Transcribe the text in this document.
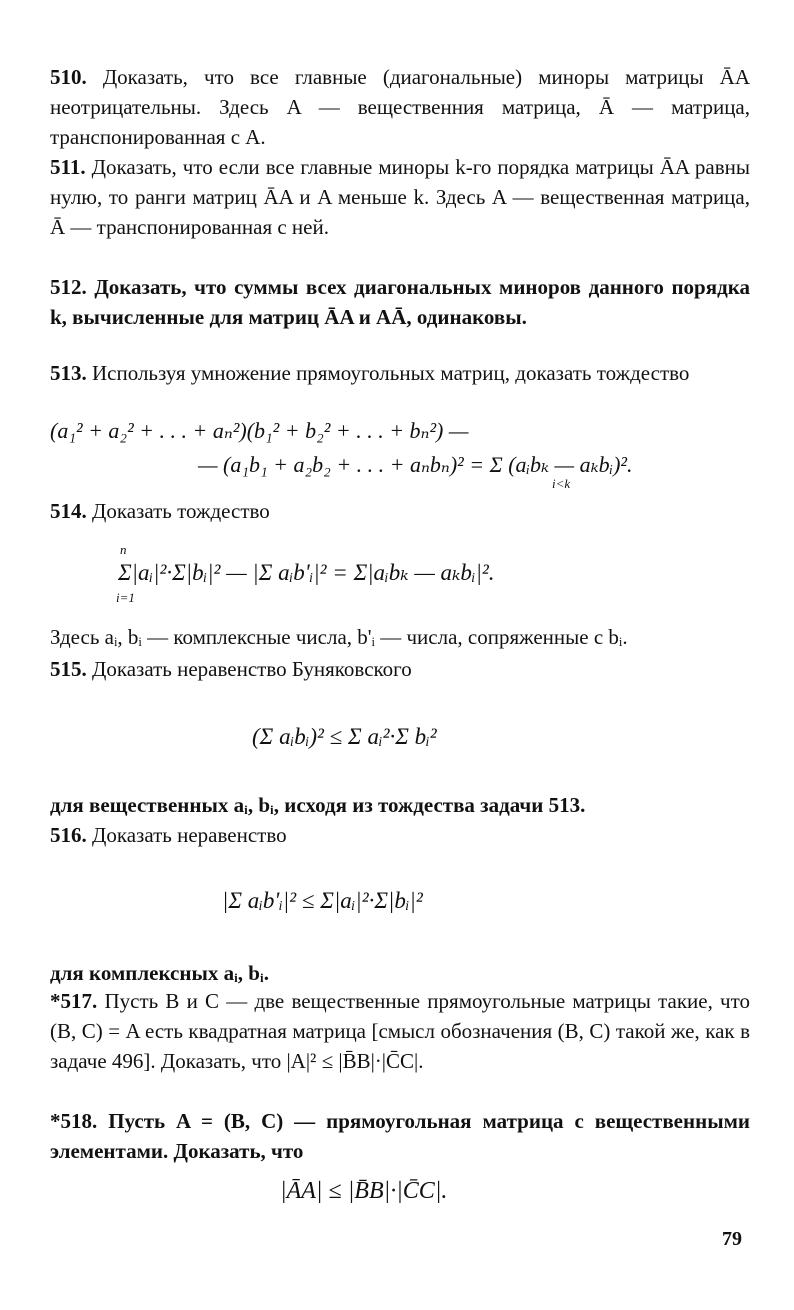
510. Доказать, что все главные (диагональные) миноры матрицы ĀA неотрицательны. Здесь A — вещественния матрица, Ā — матрица, транспонированная с A.
511. Доказать, что если все главные миноры k-го порядка матрицы ĀA равны нулю, то ранги матриц ĀA и A меньше k. Здесь A — вещественная матрица, Ā — транспонированная с ней.
512. Доказать, что суммы всех диагональных миноров данного порядка k, вычисленные для матриц ĀA и AĀ, одинаковы.
513. Используя умножение прямоугольных матриц, доказать тождество
(a₁² + a₂² + . . . + aₙ²)(b₁² + b₂² + . . . + bₙ²) —
— (a₁b₁ + a₂b₂ + . . . + aₙbₙ)² = Σ (aᵢbₖ — aₖbᵢ)².
i<k
514. Доказать тождество
Σ|aᵢ|²·Σ|bᵢ|² — |Σ aᵢb'ᵢ|² = Σ|aᵢbₖ — aₖbᵢ|².
n
i=1
Здесь aᵢ, bᵢ — комплексные числа, b'ᵢ — числа, сопряженные с bᵢ.
515. Доказать неравенство Буняковского
(Σ aᵢbᵢ)² ≤ Σ aᵢ²·Σ bᵢ²
для вещественных aᵢ, bᵢ, исходя из тождества задачи 513.
516. Доказать неравенство
|Σ aᵢb'ᵢ|² ≤ Σ|aᵢ|²·Σ|bᵢ|²
для комплексных aᵢ, bᵢ.
*517. Пусть B и C — две вещественные прямоугольные матрицы такие, что (B, C) = A есть квадратная матрица [смысл обозначения (B, C) такой же, как в задаче 496]. Доказать, что |A|² ≤ |B̄B|·|C̄C|.
*518. Пусть A = (B, C) — прямоугольная матрица с вещественными элементами. Доказать, что
|ĀA| ≤ |B̄B|·|C̄C|.
79
